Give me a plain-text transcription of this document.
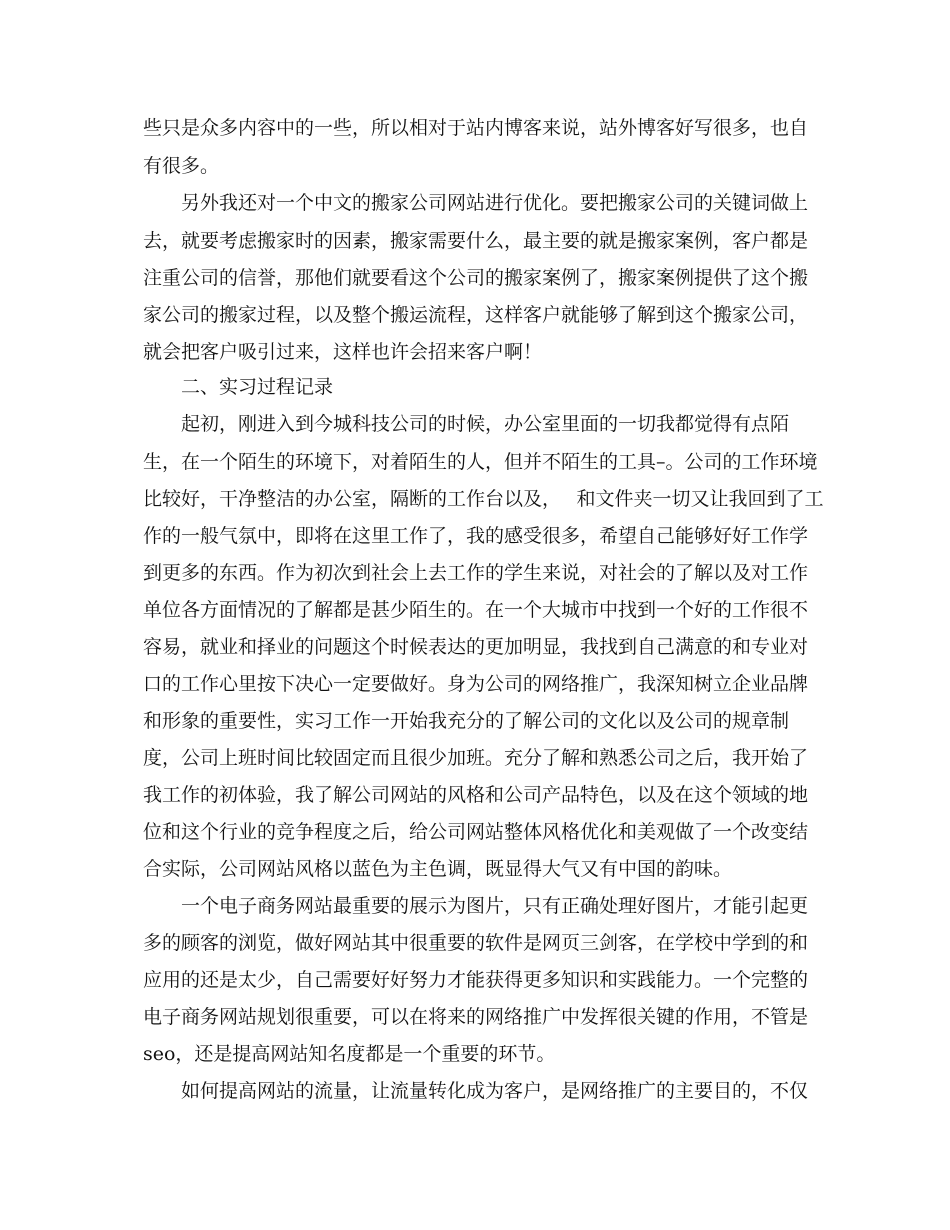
些只是众多内容中的一些，所以相对于站内博客来说，站外博客好写很多，也自
有很多。
另外我还对一个中文的搬家公司网站进行优化。要把搬家公司的关键词做上
去，就要考虑搬家时的因素，搬家需要什么，最主要的就是搬家案例，客户都是
注重公司的信誉，那他们就要看这个公司的搬家案例了，搬家案例提供了这个搬
家公司的搬家过程，以及整个搬运流程，这样客户就能够了解到这个搬家公司，
就会把客户吸引过来，这样也许会招来客户啊！
二、实习过程记录
起初，刚进入到今城科技公司的时候，办公室里面的一切我都觉得有点陌
生，在一个陌生的环境下，对着陌生的人，但并不陌生的工具–。公司的工作环境
比较好，干净整洁的办公室，隔断的工作台以及，　 和文件夹一切又让我回到了工
作的一般气氛中，即将在这里工作了，我的感受很多，希望自己能够好好工作学
到更多的东西。作为初次到社会上去工作的学生来说，对社会的了解以及对工作
单位各方面情况的了解都是甚少陌生的。在一个大城市中找到一个好的工作很不
容易，就业和择业的问题这个时候表达的更加明显，我找到自己满意的和专业对
口的工作心里按下决心一定要做好。身为公司的网络推广，我深知树立企业品牌
和形象的重要性，实习工作一开始我充分的了解公司的文化以及公司的规章制
度，公司上班时间比较固定而且很少加班。充分了解和熟悉公司之后，我开始了
我工作的初体验，我了解公司网站的风格和公司产品特色，以及在这个领域的地
位和这个行业的竞争程度之后，给公司网站整体风格优化和美观做了一个改变结
合实际，公司网站风格以蓝色为主色调，既显得大气又有中国的韵味。
一个电子商务网站最重要的展示为图片，只有正确处理好图片，才能引起更
多的顾客的浏览，做好网站其中很重要的软件是网页三剑客，在学校中学到的和
应用的还是太少，自己需要好好努力才能获得更多知识和实践能力。一个完整的
电子商务网站规划很重要，可以在将来的网络推广中发挥很关键的作用，不管是
seo，还是提高网站知名度都是一个重要的环节。
如何提高网站的流量，让流量转化成为客户，是网络推广的主要目的，不仅
